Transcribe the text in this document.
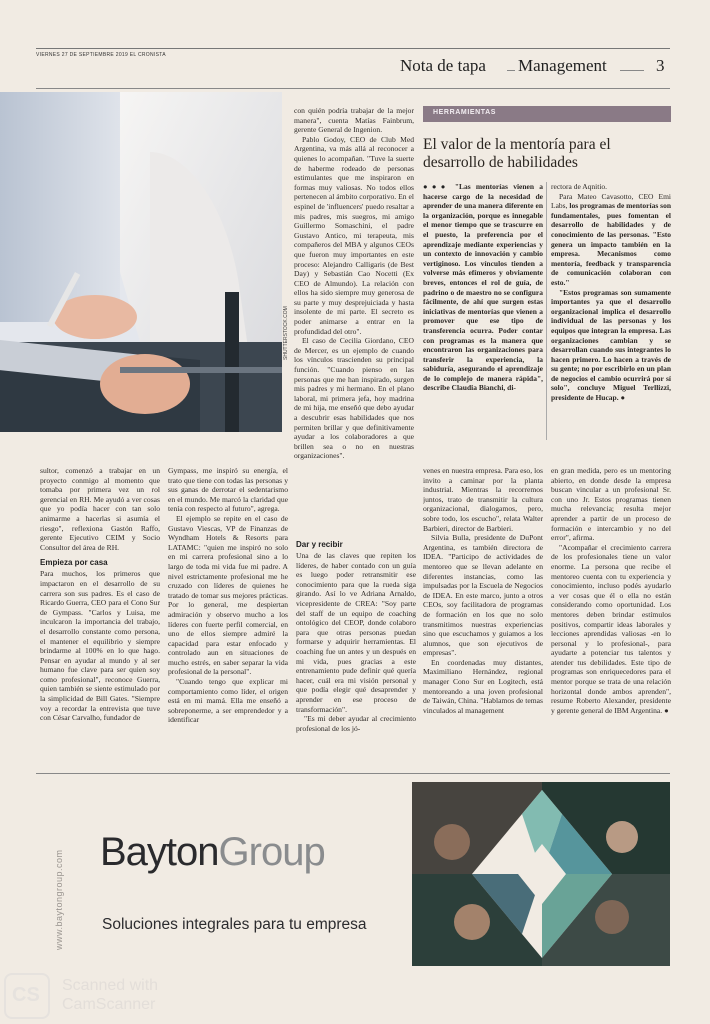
VIERNES 27 DE SEPTIEMBRE 2019 EL CRONISTA
Nota de tapa Management	3
SHUTTERSTOCK.COM

con quién podría trabajar de la mejor manera", cuenta Matías Fainbrum, gerente General de Ingenion.

Pablo Godoy, CEO de Club Med Argentina, va más allá al reconocer a quienes lo acompañan. "Tuve la suerte de haberme rodeado de personas estimulantes que me inspiraron en formas muy valiosas. No todos ellos pertenecen al ámbito corporativo. En el espinel de 'influencers' puedo resaltar a mis padres, mis suegros, mi amigo Guillermo Somaschini, el padre Gustavo Antico, mi terapeuta, mis compañeros del MBA y algunos CEOs que fueron muy importantes en este proceso: Alejandro Calligaris (de Best Day) y Sebastián Cao Nocetti (Ex CEO de Almundo). La relación con ellos ha sido siempre muy generosa de su parte y muy desprejuiciada y hasta insolente de mi parte. El secreto es poder animarse a entrar en la profundidad del otro".

El caso de Cecilia Giordano, CEO de Mercer, es un ejemplo de cuando los vínculos trascienden su principal función. "Cuando pienso en las personas que me han inspirado, surgen mis padres y mi hermano. En el plano laboral, mi primera jefa, hoy madrina de mi hija, me enseñó que debo ayudar a descubrir esas habilidades que nos permiten brillar y que definitivamente ayudar a los colaboradores a que brillen sea o no en nuestras organizaciones".

HERRAMIENTAS
El valor de la mentoría para el desarrollo de habilidades

●●● "Las mentorías vienen a hacerse cargo de la necesidad de aprender de una manera diferente en la organización, porque es innegable el menor tiempo que se trascurre en el puesto, la preferencia por el aprendizaje mediante experiencias y un contexto de innovación y cambio vertiginoso. Los vínculos tienden a volverse más efímeros y obviamente breves, entonces el rol de guía, de padrino o de maestro no se configura fácilmente, de ahí que surgen estas iniciativas de mentorías que vienen a promover que ese tipo de transferencia ocurra. Poder contar con programas es la manera que encontraron las organizaciones para transferir la experiencia, la sabiduría, asegurando el aprendizaje de lo complejo de manera rápida", describe Claudia Bianchi, di-

rectora de Aqnitio.

Para Mateo Cavasotto, CEO Emi Labs, los programas de mentorías son fundamentales, pues fomentan el desarrollo de habilidades y de conocimiento de las personas. "Esto genera un impacto también en la empresa. Mecanismos como mentoría, feedback y transparencia de comunicación colaboran con esto."

"Estos programas son sumamente importantes ya que el desarrollo organizacional implica el desarrollo individual de las personas y los equipos que integran la empresa. Las organizaciones cambian y se desarrollan cuando sus integrantes lo hacen primero. Lo hacen a través de su gente; no por escribirlo en un plan de negocios el cambio ocurrirá por sí solo", concluye Miguel Terllizzi, presidente de Hucap. ●

sultor, comenzó a trabajar en un proyecto conmigo al momento que tomaba por primera vez un rol gerencial en RH. Me ayudó a ver cosas que yo podía hacer con tan solo animarme a hacerlas si asumía el riesgo", reflexiona Gastón Raffo, gerente Ejecutivo CEIM y Socio Consultor del área de RH.

Empieza por casa

Para muchos, los primeros que impactaron en el desarrollo de su carrera son sus padres. Es el caso de Ricardo Guerra, CEO para el Cono Sur de Gympass. "Carlos y Luisa, me inculcaron la importancia del trabajo, el desarrollo constante como persona, el mantener el equilibrio y siempre brindarme al 100% en lo que hago. Pensar en ayudar al mundo y al ser humano fue clave para ser quien soy como profesional", reconoce Guerra, quien también se siente estimulado por la simplicidad de Bill Gates. "Siempre voy a recordar la entrevista que tuve con César Carvalho, fundador de

Gympass, me inspiró su energía, el trato que tiene con todas las personas y sus ganas de derrotar el sedentarismo en el mundo. Me marcó la claridad que tenía con respecto al futuro", agrega.

El ejemplo se repite en el caso de Gustavo Viescas, VP de Finanzas de Wyndham Hotels & Resorts para LATAMC: "quien me inspiró no solo en mi carrera profesional sino a lo largo de toda mi vida fue mi padre. A nivel estrictamente profesional me he cruzado con líderes de quienes he tratado de tomar sus mejores prácticas. Por lo general, me despiertan admiración y observo mucho a los líderes con fuerte perfil comercial, en uno de ellos siempre admiré la capacidad para estar enfocado y controlado aun en situaciones de mucho estrés, en saber separar la vida profesional de la personal".

"Cuando tengo que explicar mi comportamiento como líder, el origen está en mi mamá. Ella me enseñó a sobreponerme, a ser emprendedor y a identificar

Dar y recibir

Una de las claves que repiten los líderes, de haber contado con un guía es luego poder retransmitir ese conocimiento para que la rueda siga girando. Así lo ve Adriana Arnaldo, vicepresidente de CREA: "Soy parte del staff de un equipo de coaching ontológico del CEOP, donde colaboro para que otras personas puedan formarse y adquirir herramientas. El coaching fue un antes y un después en mi vida, pues gracias a este entrenamiento pude definir qué quería hacer, cuál era mi visión personal y que podía elegir qué desaprender y aprender en ese proceso de transformación".

"Es mi deber ayudar al crecimiento profesional de los jó-

venes en nuestra empresa. Para eso, los invito a caminar por la planta industrial. Mientras la recorremos juntos, trato de transmitir la cultura organizacional, dialogamos, pero, sobre todo, los escucho", relata Walter Barbieri, director de Barbieri.

Silvia Bulla, presidente de DuPont Argentina, es también directora de IDEA. "Participo de actividades de mentoreo que se llevan adelante en diferentes instancias, como las impulsadas por la Escuela de Negocios de IDEA. En este marco, junto a otros CEOs, soy facilitadora de programas de formación en los que no solo transmitimos nuestras experiencias sino que escuchamos y guiamos a los alumnos, que son ejecutivos de empresas".

En coordenadas muy distantes, Maximiliano Hernández, regional manager Cono Sur en Logitech, está mentoreando a una joven profesional de Taiwán, China. "Hablamos de temas vinculados al management

en gran medida, pero es un mentoring abierto, en donde desde la empresa buscan vincular a un profesional Sr. con uno Jr. Estos programas tienen mucha relevancia; resulta mejor aprender a partir de un proceso de formación e intercambio y no del error", afirma.

"Acompañar el crecimiento carrera de los profesionales tiene un valor enorme. La persona que recibe el mentoreo cuenta con tu experiencia y conocimiento, incluso podés ayudarlo a ver cosas que él o ella no están considerando como oportunidad. Los mentores deben brindar estímulos positivos, compartir ideas laborales y lecciones aprendidas valiosas -en lo personal y lo profesional-, para ayudarte a potenciar tus talentos y atender tus debilidades. Este tipo de programas son enriquecedores para el mentor porque se trata de una relación horizontal donde ambos aprenden", resume Roberto Alexander, presidente y gerente general de IBM Argentina. ●

www.baytongroup.com BaytonGroup
Soluciones integrales para tu empresa
CS Scanned with
CamScanner
